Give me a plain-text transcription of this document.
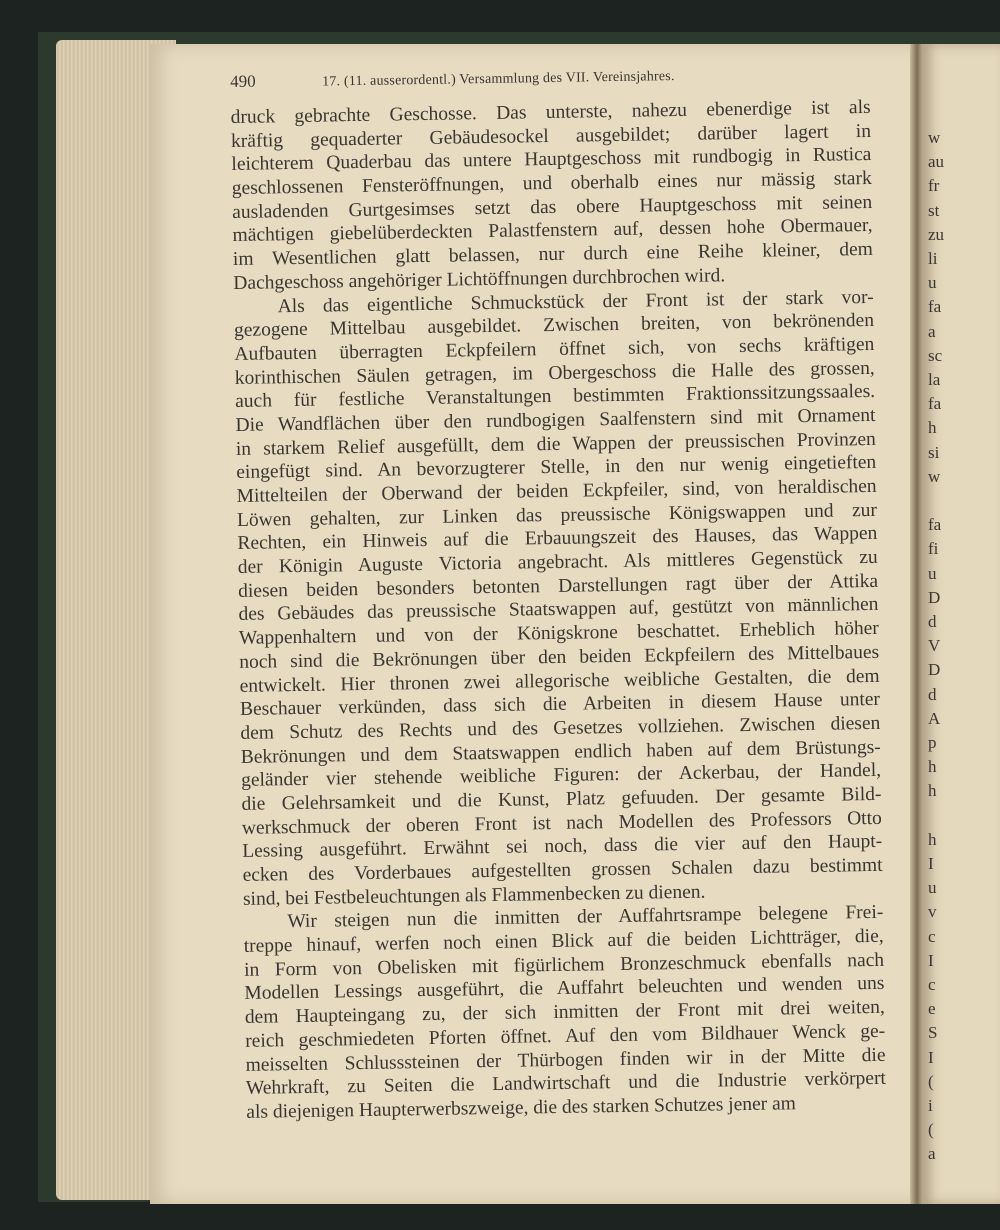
w
au
fr
st
zu
li
u
fa
a
sc
la
fa
h
si
w
fa
fi
u
D
d
V
D
d
A
p
h
h
h
I
u
v
c
I
c
e
S
I
(
i
(
a
490	17. (11. ausserordentl.) Versammlung des VII. Vereinsjahres.
druck gebrachte Geschosse. Das unterste, nahezu ebenerdige ist als
kräftig gequaderter Gebäudesockel ausgebildet; darüber lagert in
leichterem Quaderbau das untere Hauptgeschoss mit rundbogig in Rustica
geschlossenen Fensteröffnungen, und oberhalb eines nur mässig stark
ausladenden Gurtgesimses setzt das obere Hauptgeschoss mit seinen
mächtigen giebelüberdeckten Palastfenstern auf, dessen hohe Obermauer,
im Wesentlichen glatt belassen, nur durch eine Reihe kleiner, dem
Dachgeschoss angehöriger Lichtöffnungen durchbrochen wird.
Als das eigentliche Schmuckstück der Front ist der stark vor-
gezogene Mittelbau ausgebildet. Zwischen breiten, von bekrönenden
Aufbauten überragten Eckpfeilern öffnet sich, von sechs kräftigen
korinthischen Säulen getragen, im Obergeschoss die Halle des grossen,
auch für festliche Veranstaltungen bestimmten Fraktionssitzungssaales.
Die Wandflächen über den rundbogigen Saalfenstern sind mit Ornament
in starkem Relief ausgefüllt, dem die Wappen der preussischen Provinzen
eingefügt sind. An bevorzugterer Stelle, in den nur wenig eingetieften
Mittelteilen der Oberwand der beiden Eckpfeiler, sind, von heraldischen
Löwen gehalten, zur Linken das preussische Königswappen und zur
Rechten, ein Hinweis auf die Erbauungszeit des Hauses, das Wappen
der Königin Auguste Victoria angebracht. Als mittleres Gegenstück zu
diesen beiden besonders betonten Darstellungen ragt über der Attika
des Gebäudes das preussische Staatswappen auf, gestützt von männlichen
Wappenhaltern und von der Königskrone beschattet. Erheblich höher
noch sind die Bekrönungen über den beiden Eckpfeilern des Mittelbaues
entwickelt. Hier thronen zwei allegorische weibliche Gestalten, die dem
Beschauer verkünden, dass sich die Arbeiten in diesem Hause unter
dem Schutz des Rechts und des Gesetzes vollziehen. Zwischen diesen
Bekrönungen und dem Staatswappen endlich haben auf dem Brüstungs-
geländer vier stehende weibliche Figuren: der Ackerbau, der Handel,
die Gelehrsamkeit und die Kunst, Platz gefuuden. Der gesamte Bild-
werkschmuck der oberen Front ist nach Modellen des Professors Otto
Lessing ausgeführt. Erwähnt sei noch, dass die vier auf den Haupt-
ecken des Vorderbaues aufgestellten grossen Schalen dazu bestimmt
sind, bei Festbeleuchtungen als Flammenbecken zu dienen.
Wir steigen nun die inmitten der Auffahrtsrampe belegene Frei-
treppe hinauf, werfen noch einen Blick auf die beiden Lichtträger, die,
in Form von Obelisken mit figürlichem Bronzeschmuck ebenfalls nach
Modellen Lessings ausgeführt, die Auffahrt beleuchten und wenden uns
dem Haupteingang zu, der sich inmitten der Front mit drei weiten,
reich geschmiedeten Pforten öffnet. Auf den vom Bildhauer Wenck ge-
meisselten Schlusssteinen der Thürbogen finden wir in der Mitte die
Wehrkraft, zu Seiten die Landwirtschaft und die Industrie verkörpert
als diejenigen Haupterwerbszweige, die des starken Schutzes jener am
